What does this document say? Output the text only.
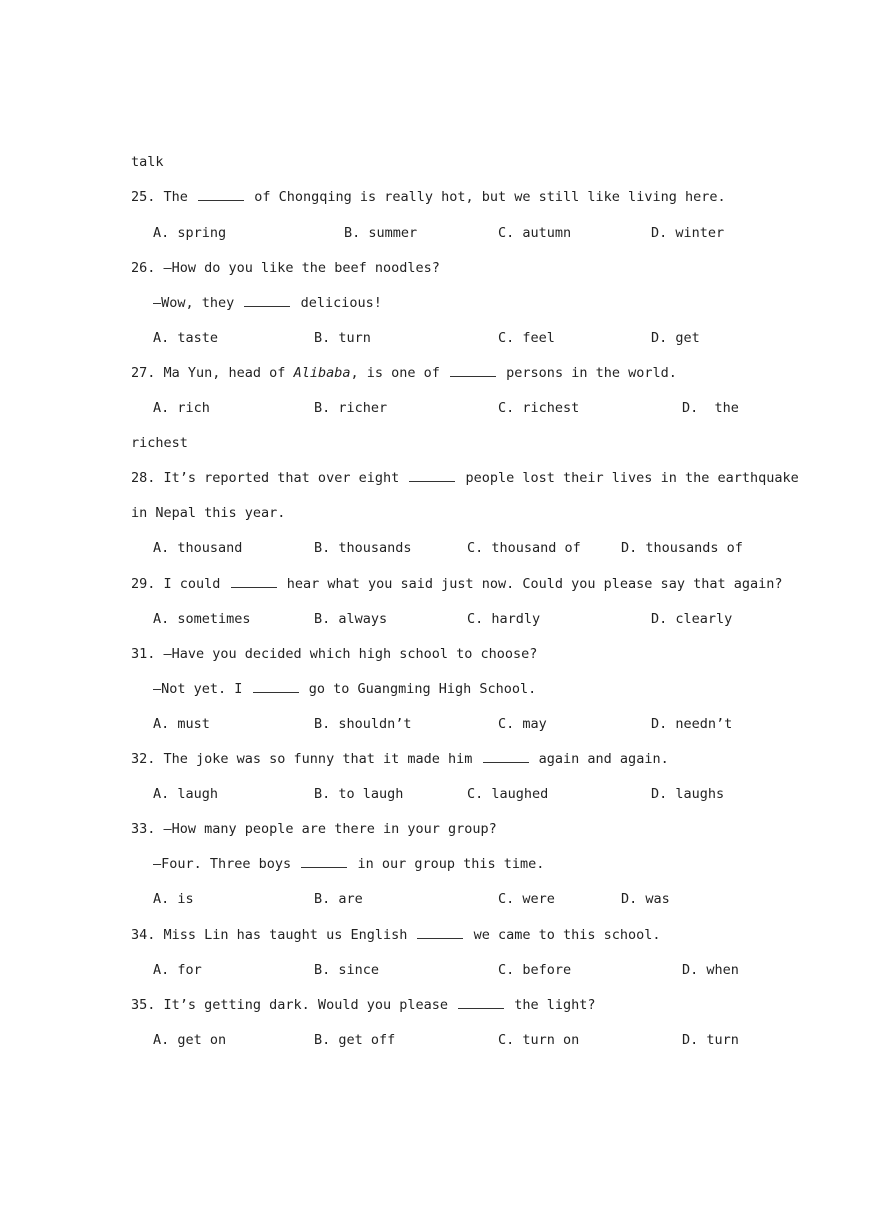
talk
25. The	of Chongqing is really hot, but we still like living here.
A. spring	B. summer	C. autumn	D. winter
26. —How do you like the beef noodles?
—Wow, they	delicious!
A. taste	B. turn	C. feel	D. get
27. Ma Yun, head of Alibaba, is one of	persons in the world.
A. rich	B. richer	C. richest	D.  the
richest
28. It’s reported that over eight	people lost their lives in the earthquake
in Nepal this year.
A. thousand	B. thousands	C. thousand of	D. thousands of
29. I could	hear what you said just now. Could you please say that again?
A. sometimes	B. always	C. hardly	D. clearly
31. —Have you decided which high school to choose?
—Not yet. I	go to Guangming High School.
A. must	B. shouldn’t	C. may	D. needn’t
32. The joke was so funny that it made him	again and again.
A. laugh	B. to laugh	C. laughed	D. laughs
33. —How many people are there in your group?
—Four. Three boys	in our group this time.
A. is	B. are	C. were	D. was
34. Miss Lin has taught us English	we came to this school.
A. for	B. since	C. before	D. when
35. It’s getting dark. Would you please	the light?
A. get on	B. get off	C. turn on	D. turn
